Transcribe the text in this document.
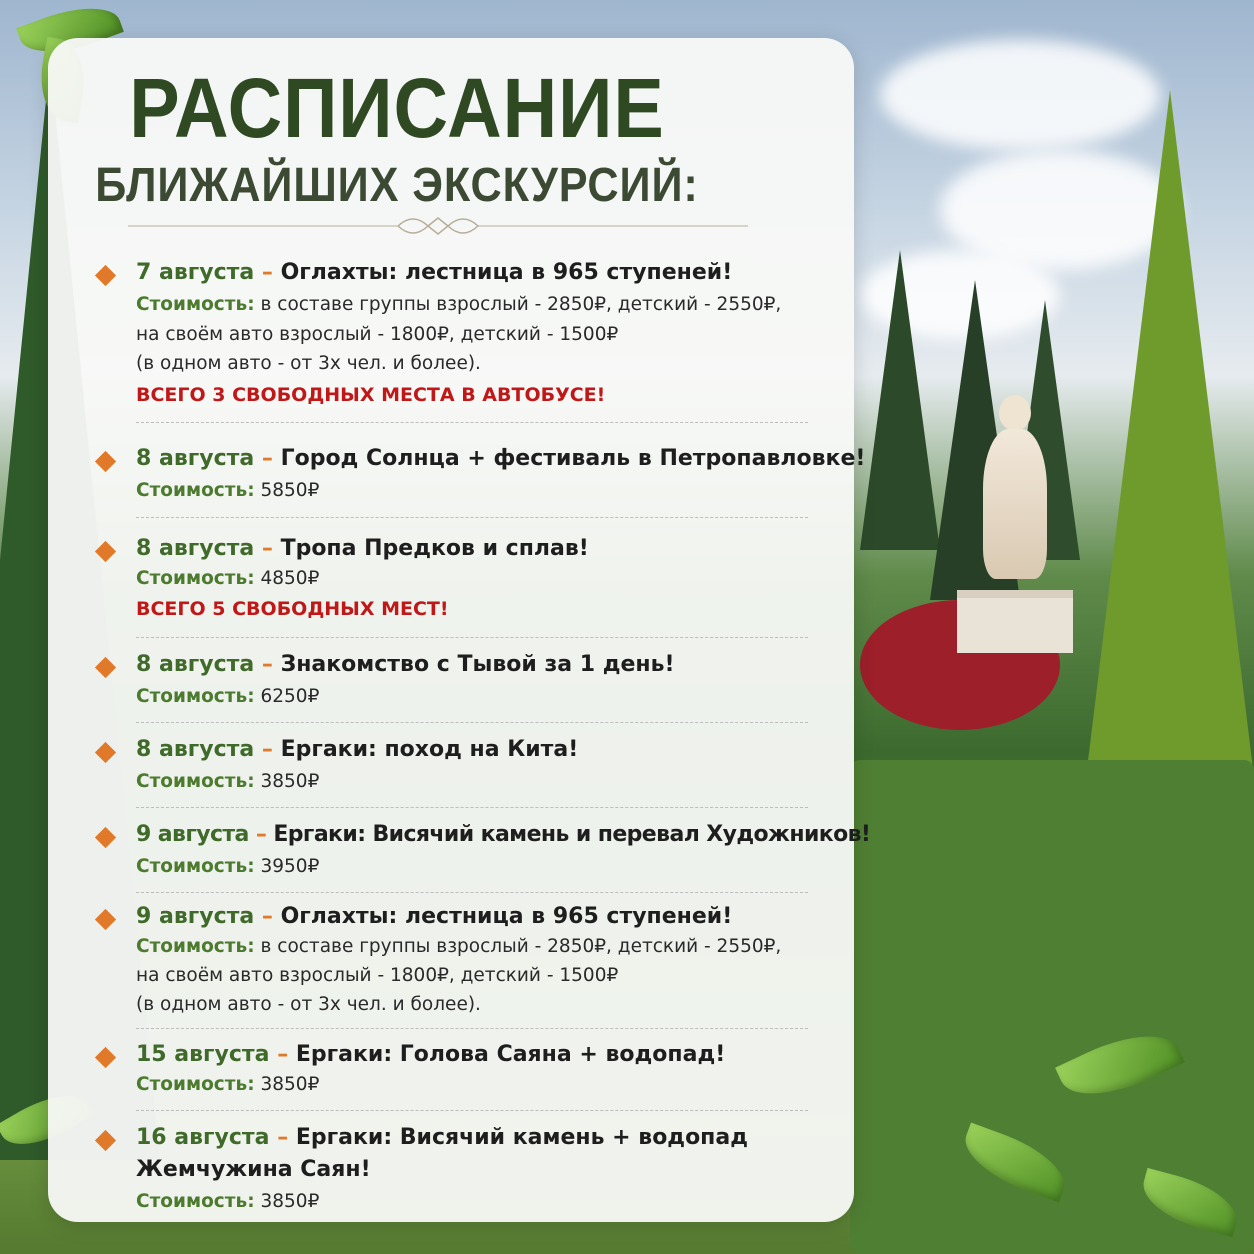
РАСПИСАНИЕ
БЛИЖАЙШИХ ЭКСКУРСИЙ:
7 августа – Оглахты: лестница в 965 ступеней!
Стоимость: в составе группы взрослый - 2850₽, детский - 2550₽,
на своём авто взрослый - 1800₽, детский - 1500₽
(в одном авто - от 3х чел. и более).
ВСЕГО 3 СВОБОДНЫХ МЕСТА В АВТОБУСЕ!
8 августа – Город Солнца + фестиваль в Петропавловке!
Стоимость: 5850₽
8 августа – Тропа Предков и сплав!
Стоимость: 4850₽
ВСЕГО 5 СВОБОДНЫХ МЕСТ!
8 августа – Знакомство с Тывой за 1 день!
Стоимость: 6250₽
8 августа – Ергаки: поход на Кита!
Стоимость: 3850₽
9 августа – Ергаки: Висячий камень и перевал Художников!
Стоимость: 3950₽
9 августа – Оглахты: лестница в 965 ступеней!
Стоимость: в составе группы взрослый - 2850₽, детский - 2550₽,
на своём авто взрослый - 1800₽, детский - 1500₽
(в одном авто - от 3х чел. и более).
15 августа – Ергаки: Голова Саяна + водопад!
Стоимость: 3850₽
16 августа – Ергаки: Висячий камень + водопад
Жемчужина Саян!
Стоимость: 3850₽
